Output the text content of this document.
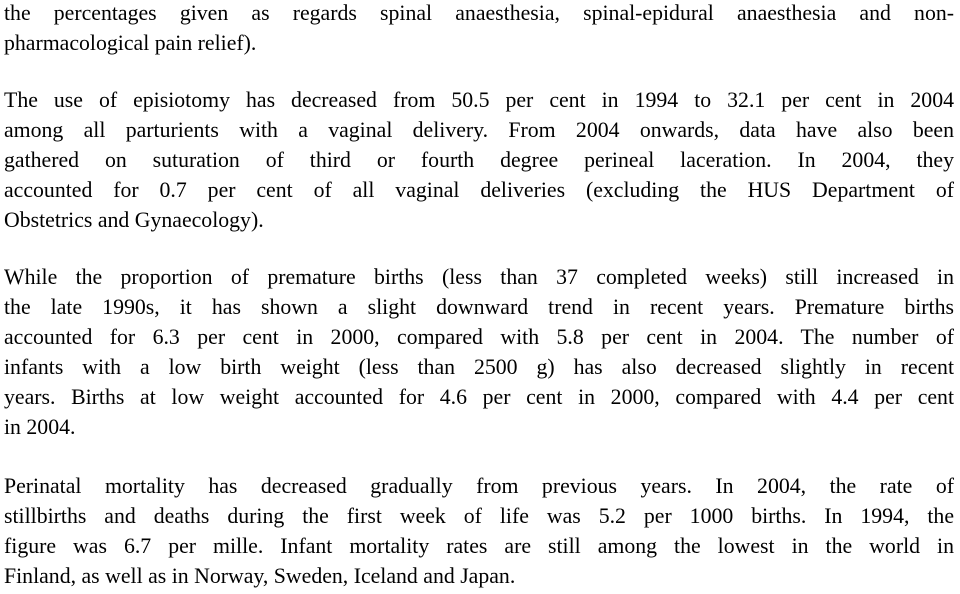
the percentages given as regards spinal anaesthesia, spinal-epidural anaesthesia and non-
pharmacological pain relief).
The use of episiotomy has decreased from 50.5 per cent in 1994 to 32.1 per cent in 2004
among all parturients with a vaginal delivery. From 2004 onwards, data have also been
gathered on suturation of third or fourth degree perineal laceration. In 2004, they
accounted for 0.7 per cent of all vaginal deliveries (excluding the HUS Department of
Obstetrics and Gynaecology).
While the proportion of premature births (less than 37 completed weeks) still increased in
the late 1990s, it has shown a slight downward trend in recent years. Premature births
accounted for 6.3 per cent in 2000, compared with 5.8 per cent in 2004. The number of
infants with a low birth weight (less than 2500 g) has also decreased slightly in recent
years. Births at low weight accounted for 4.6 per cent in 2000, compared with 4.4 per cent
in 2004.
Perinatal mortality has decreased gradually from previous years. In 2004, the rate of
stillbirths and deaths during the first week of life was 5.2 per 1000 births. In 1994, the
figure was 6.7 per mille. Infant mortality rates are still among the lowest in the world in
Finland, as well as in Norway, Sweden, Iceland and Japan.
